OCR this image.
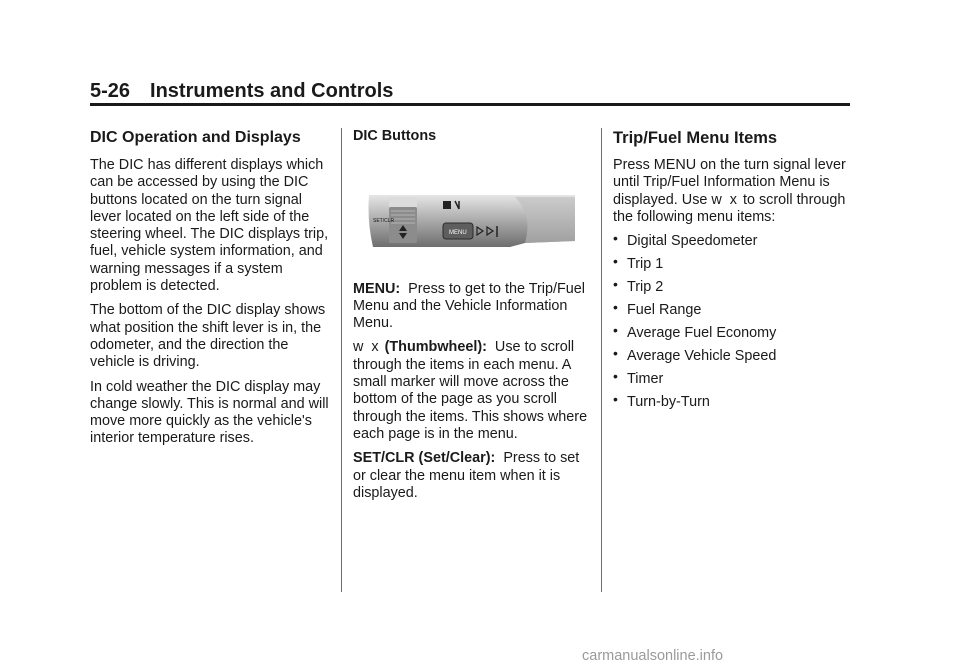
5-26 Instruments and Controls
DIC Operation and Displays

The DIC has different displays which can be accessed by using the DIC buttons located on the turn signal lever located on the left side of the steering wheel. The DIC displays trip, fuel, vehicle system information, and warning messages if a system problem is detected.

The bottom of the DIC display shows what position the shift lever is in, the odometer, and the direction the vehicle is driving.

In cold weather the DIC display may change slowly. This is normal and will move more quickly as the vehicle's interior temperature rises.

DIC Buttons
SET/CLR
MENU

MENU: Press to get to the Trip/Fuel Menu and the Vehicle Information Menu.

w x (Thumbwheel): Use to scroll through the items in each menu. A small marker will move across the bottom of the page as you scroll through the items. This shows where each page is in the menu.

SET/CLR (Set/Clear): Press to set or clear the menu item when it is displayed.

Trip/Fuel Menu Items

Press MENU on the turn signal lever until Trip/Fuel Information Menu is displayed. Use w x to scroll through the following menu items:

• Digital Speedometer
• Trip 1
• Trip 2
• Fuel Range
• Average Fuel Economy
• Average Vehicle Speed
• Timer
• Turn-by-Turn
carmanualsonline.info
